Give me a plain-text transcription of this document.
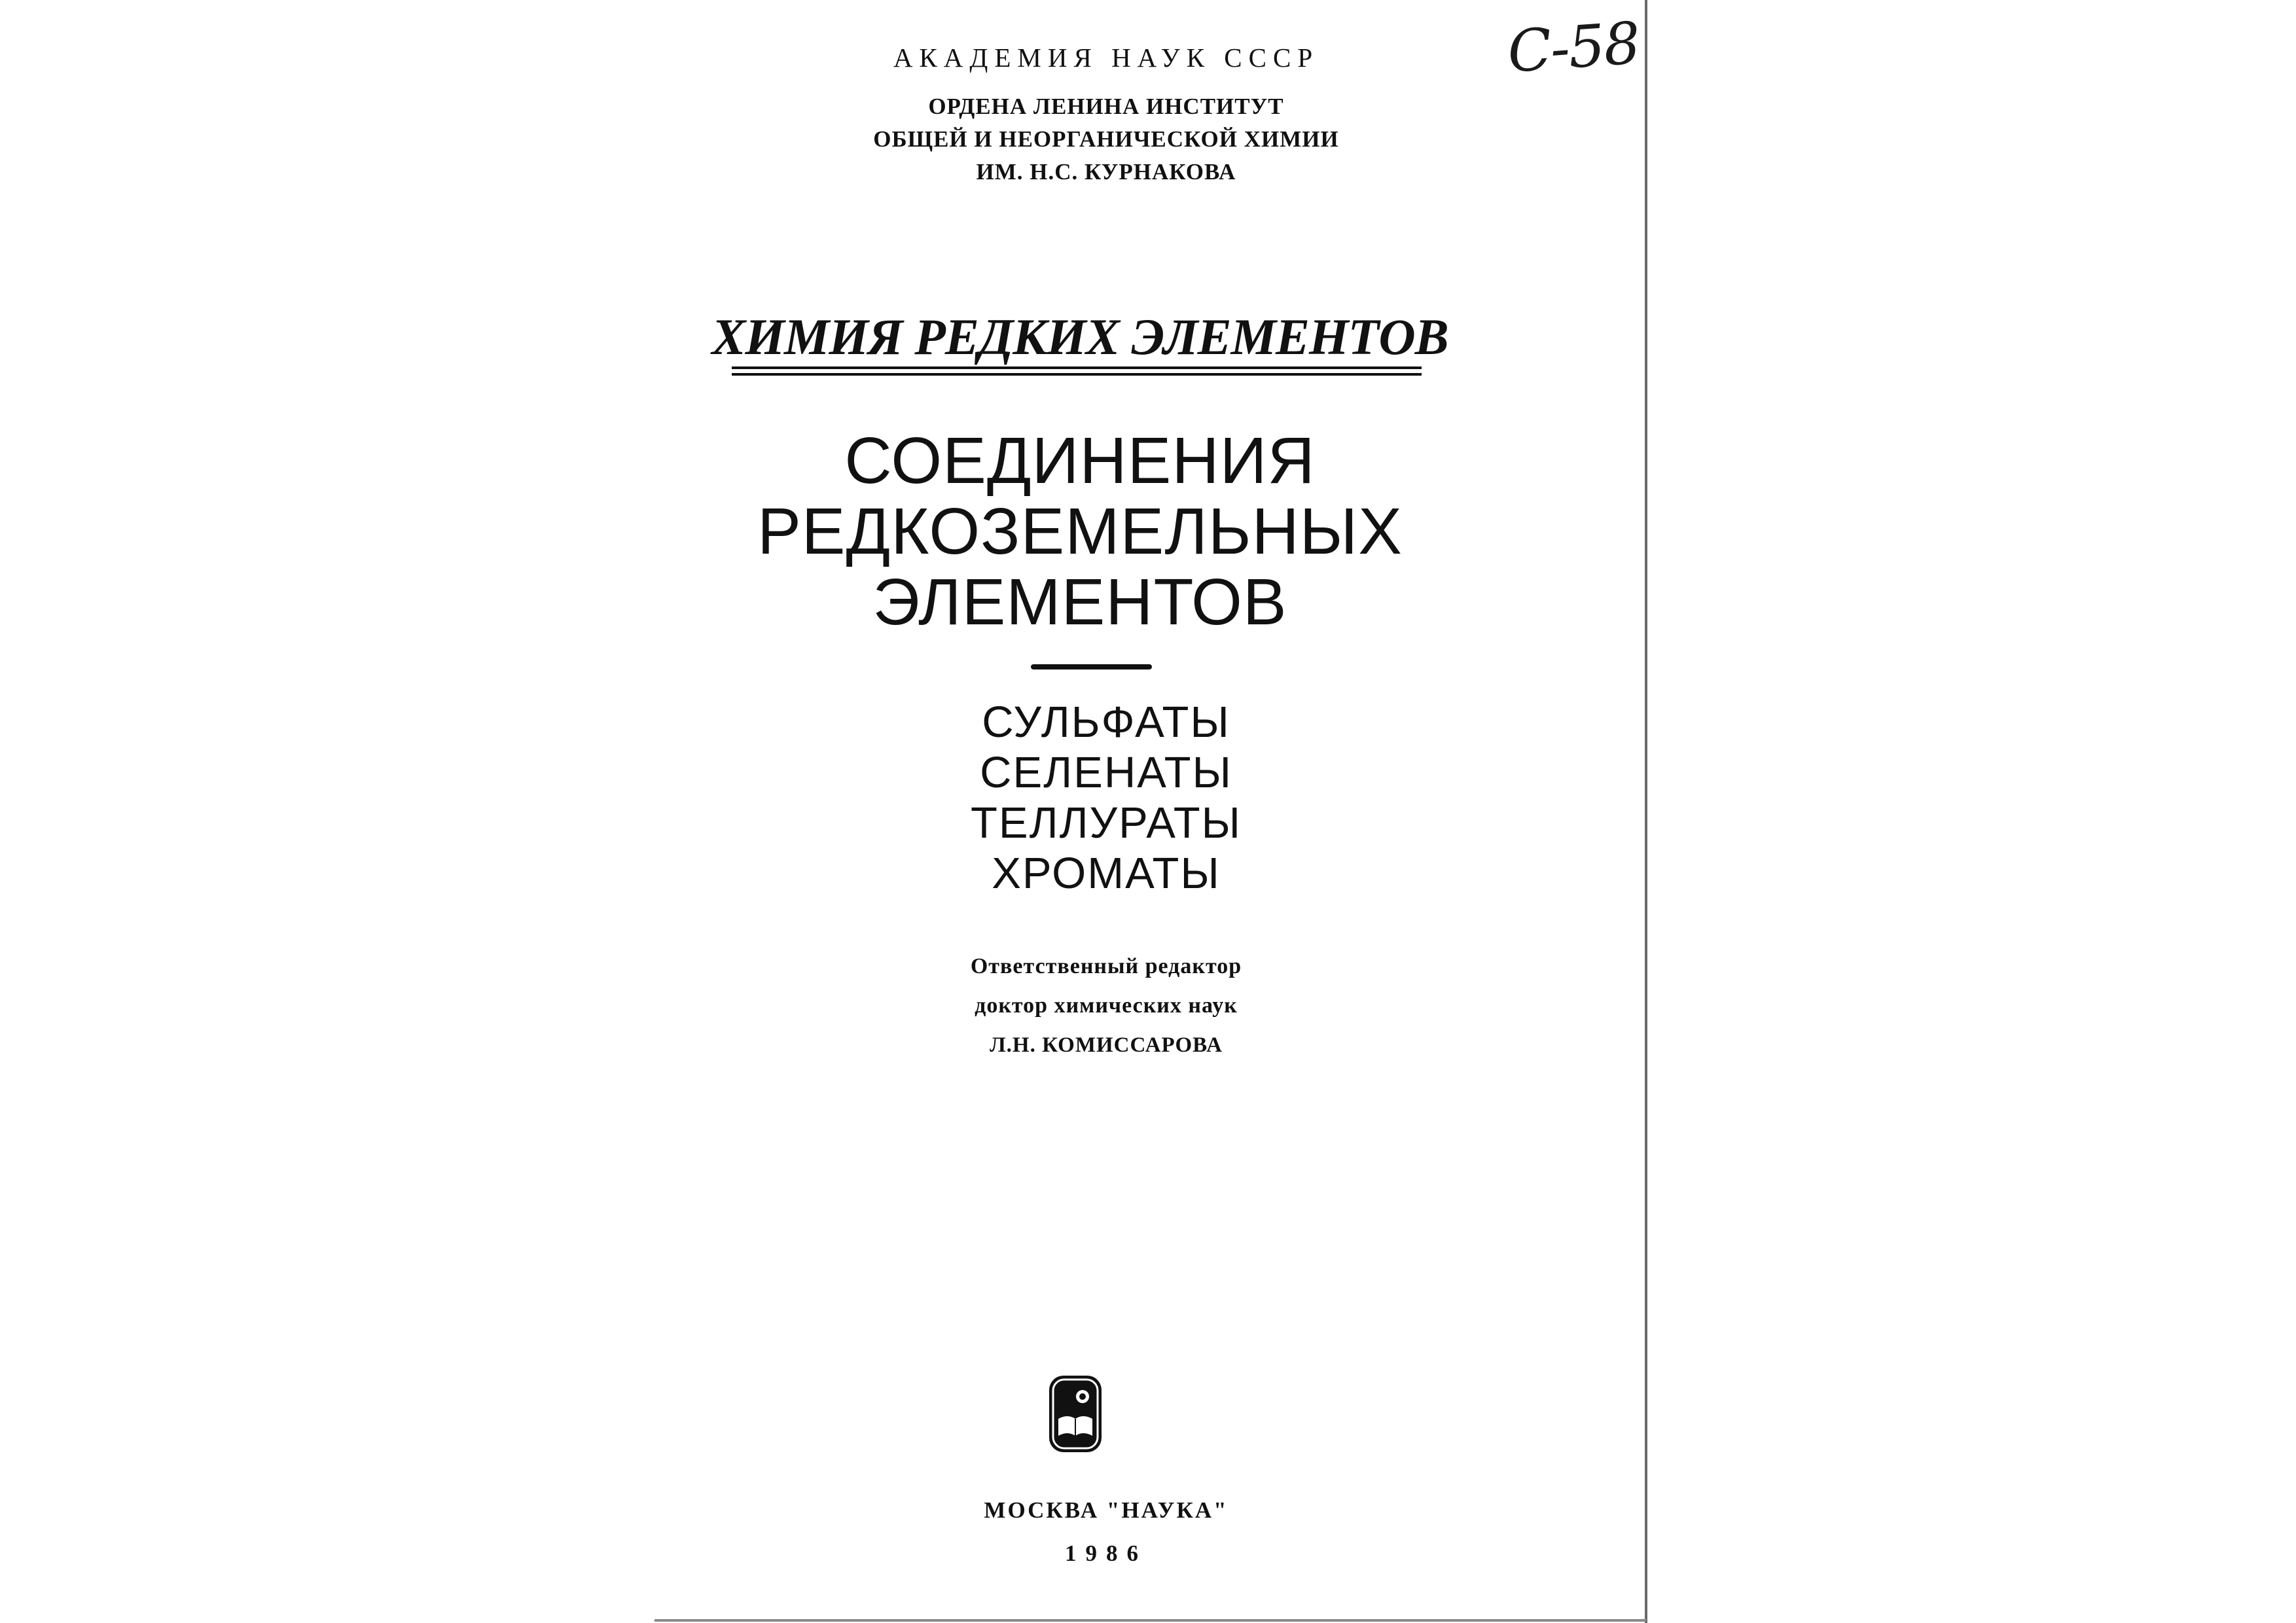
С-58
АКАДЕМИЯ НАУК СССР
ОРДЕНА ЛЕНИНА ИНСТИТУТ
ОБЩЕЙ И НЕОРГАНИЧЕСКОЙ ХИМИИ
ИМ. Н.С. КУРНАКОВА
ХИМИЯ РЕДКИХ ЭЛЕМЕНТОВ
СОЕДИНЕНИЯ
РЕДКОЗЕМЕЛЬНЫХ
ЭЛЕМЕНТОВ
СУЛЬФАТЫ
СЕЛЕНАТЫ
ТЕЛЛУРАТЫ
ХРОМАТЫ
Ответственный редактор
доктор химических наук
Л.Н. КОМИССАРОВА
МОСКВА "НАУКА"
1986
